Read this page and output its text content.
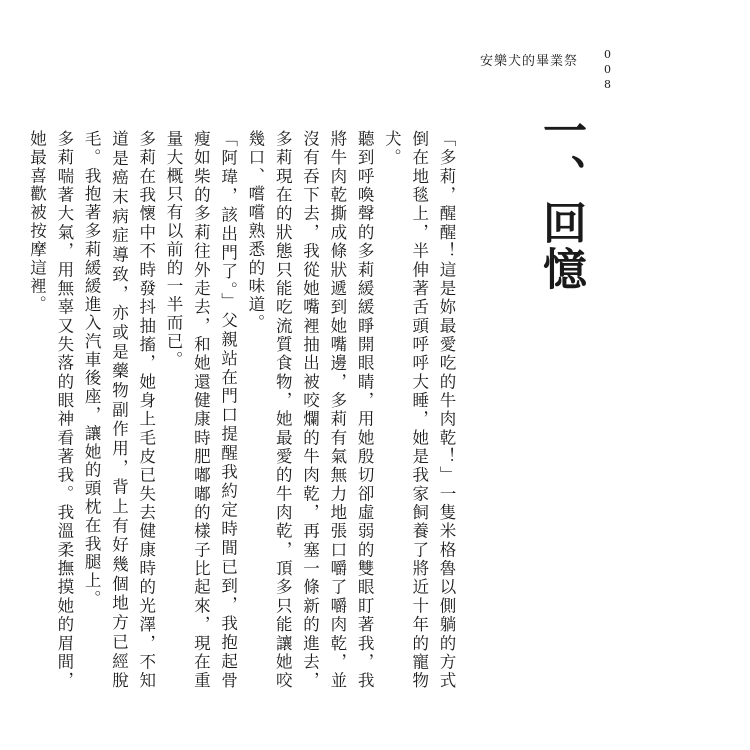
安樂犬的畢業祭 008
一、回憶

「多莉，醒醒！這是妳最愛吃的牛肉乾！」一隻米格魯以側躺的方式倒在地毯上，半伸著舌頭呼呼大睡，她是我家飼養了將近十年的寵物犬。

聽到呼喚聲的多莉緩緩睜開眼睛，用她殷切卻虛弱的雙眼盯著我，我將牛肉乾撕成條狀遞到她嘴邊，多莉有氣無力地張口嚼了嚼肉乾，並沒有吞下去，我從她嘴裡抽出被咬爛的牛肉乾，再塞一條新的進去，多莉現在的狀態只能吃流質食物，她最愛的牛肉乾，頂多只能讓她咬幾口、嚐嚐熟悉的味道。

「阿瑋，該出門了。」父親站在門口提醒我約定時間已到，我抱起骨瘦如柴的多莉往外走去，和她還健康時肥嘟嘟的樣子比起來，現在重量大概只有以前的一半而已。

多莉在我懷中不時發抖抽搐，她身上毛皮已失去健康時的光澤，不知道是癌末病症導致，亦或是藥物副作用，背上有好幾個地方已經脫毛。我抱著多莉緩緩進入汽車後座，讓她的頭枕在我腿上。

多莉喘著大氣，用無辜又失落的眼神看著我。我溫柔撫摸她的眉間，她最喜歡被按摩這裡。
